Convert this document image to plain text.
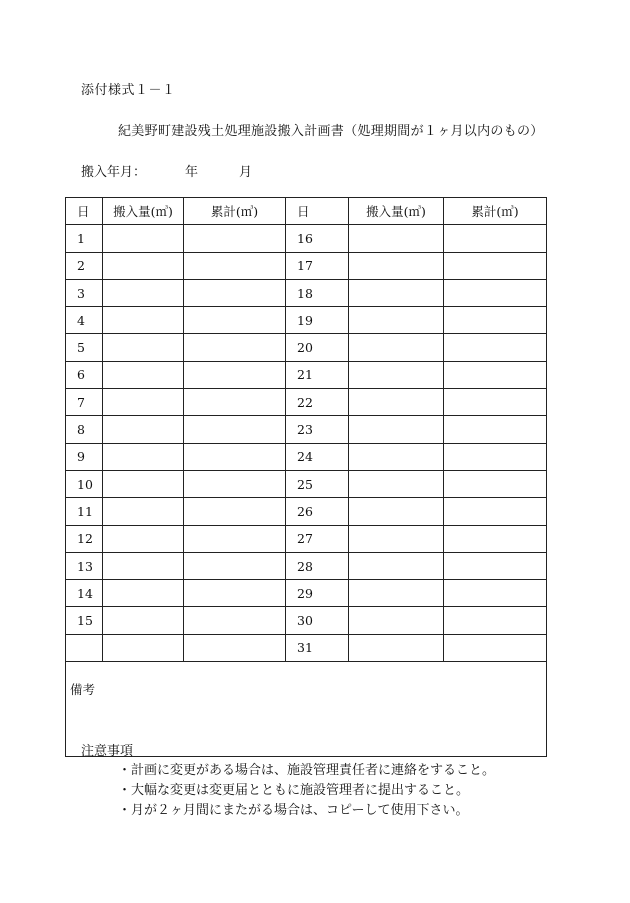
添付様式１－１
紀美野町建設残土処理施設搬入計画書（処理期間が１ヶ月以内のもの）
搬入年月：	年	月
日	搬入量(㎥)	累計(㎥)	日	搬入量(㎥)	累計(㎥)
1			16		
2			17		
3			18		
4			19		
5			20		
6			21		
7			22		
8			23		
9			24		
10			25		
11			26		
12			27		
13			28		
14			29		
15			30		
			31		
備考					
注意事項
・計画に変更がある場合は、施設管理責任者に連絡をすること。
・大幅な変更は変更届とともに施設管理者に提出すること。
・月が２ヶ月間にまたがる場合は、コピーして使用下さい。
